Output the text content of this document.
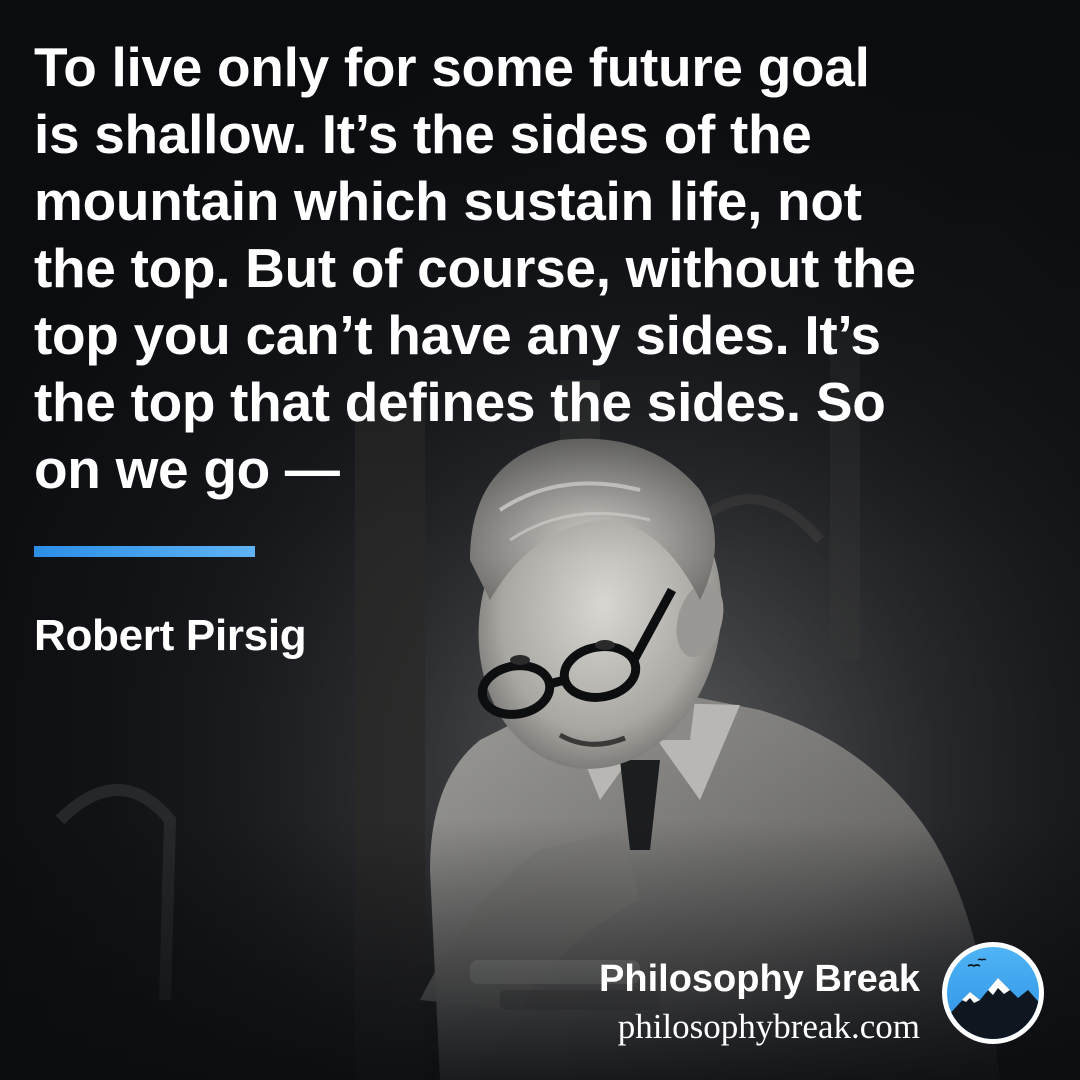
To live only for some future goal
is shallow. It’s the sides of the
mountain which sustain life, not
the top. But of course, without the
top you can’t have any sides. It’s
the top that defines the sides. So
on we go —

Robert Pirsig
Philosophy Break
philosophybreak.com
